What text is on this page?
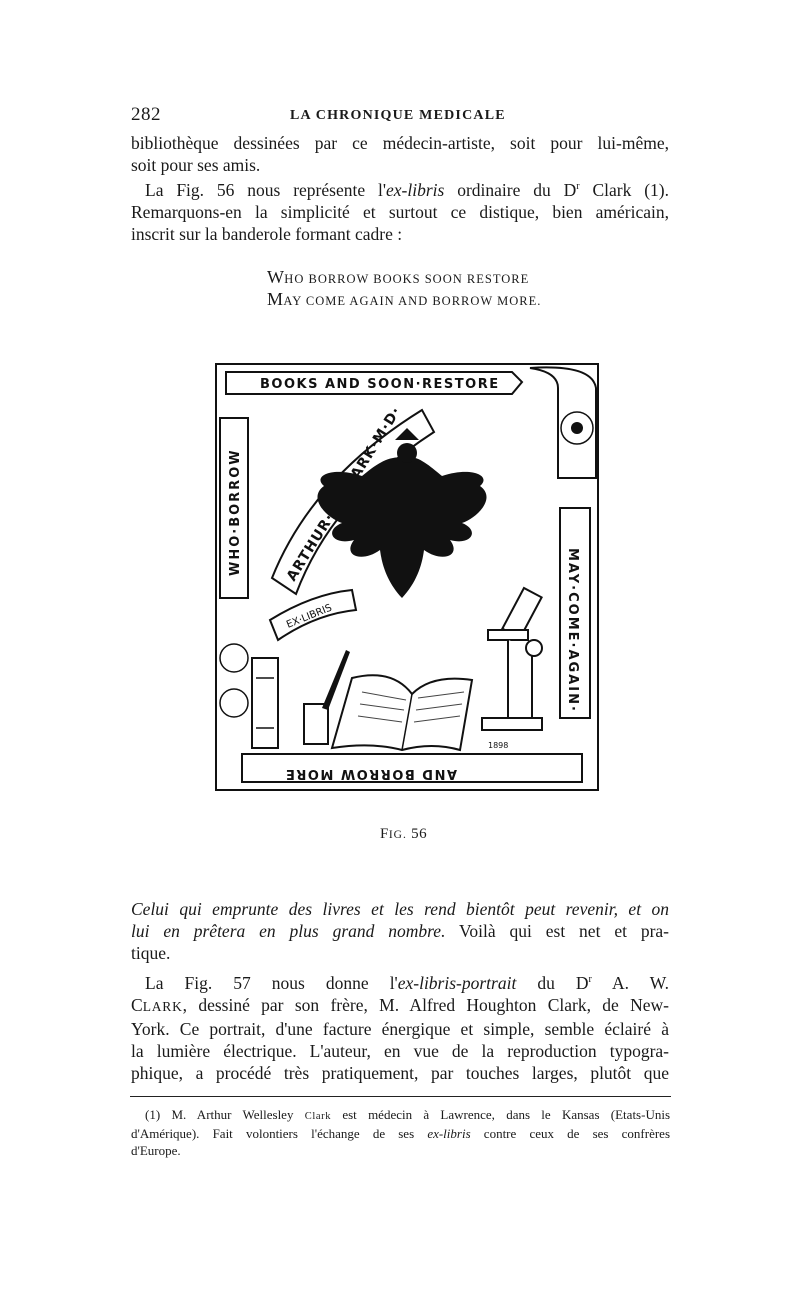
282	LA CHRONIQUE MEDICALE

bibliothèque dessinées par ce médecin-artiste, soit pour lui-même,
soit pour ses amis.
La Fig. 56 nous représente l'ex-libris ordinaire du $D^r$ Clark (1).
Remarquons-en la simplicité et surtout ce distique, bien américain,
inscrit sur la banderole formant cadre :

WHO BORROW BOOKS SOON RESTORE
MAY COME AGAIN AND BORROW MORE.
BOOKS AND SOON·RESTORE
WHO·BORROW
MAY·COME·AGAIN·
AND BORROW MORE
EX·LIBRIS
1898
FIG. 56

Celui qui emprunte des livres et les rend bientôt peut revenir, et on
lui en prêtera en plus grand nombre. Voilà qui est net et pra-
tique.

La Fig. 57 nous donne l'ex-libris-portrait du $D^r$ A. W.
CLARK, dessiné par son frère, M. Alfred Houghton Clark, de New-
York. Ce portrait, d'une facture énergique et simple, semble éclairé à
la lumière électrique. L'auteur, en vue de la reproduction typogra-
phique, a procédé très pratiquement, par touches larges, plutôt que

(1) M. Arthur Wellesley Clark est médecin à Lawrence, dans le Kansas (Etats-Unis
d'Amérique). Fait volontiers l'échange de ses ex-libris contre ceux de ses confrères
d'Europe.
